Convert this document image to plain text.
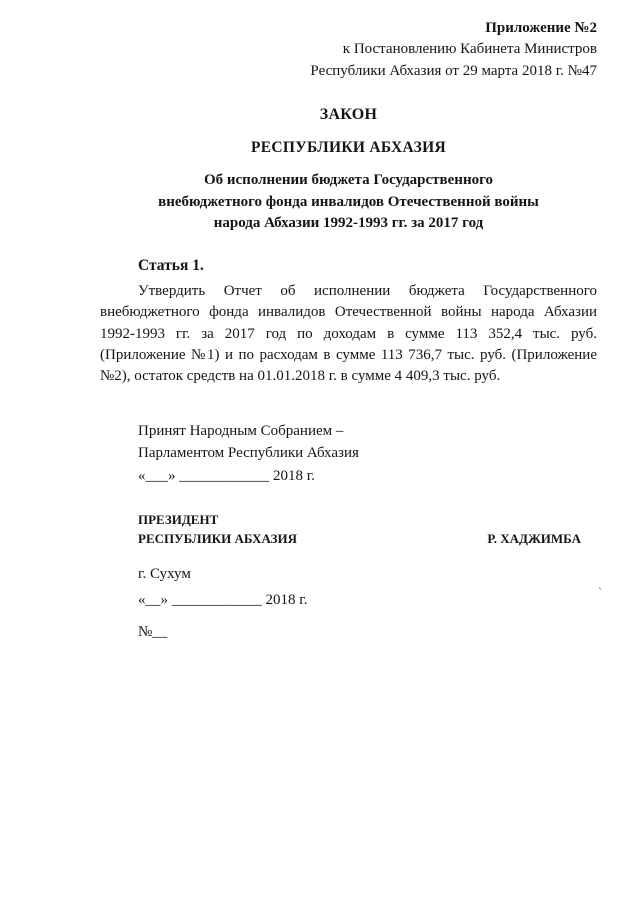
Приложение №2
к Постановлению Кабинета Министров
Республики Абхазия от 29 марта 2018 г. №47
ЗАКОН
РЕСПУБЛИКИ АБХАЗИЯ
Об исполнении бюджета Государственного внебюджетного фонда инвалидов Отечественной войны народа Абхазии 1992-1993 гг. за 2017 год
Статья 1.

Утвердить Отчет об исполнении бюджета Государственного внебюджетного фонда инвалидов Отечественной войны народа Абхазии 1992-1993 гг. за 2017 год по доходам в сумме 113 352,4 тыс. руб. (Приложение №1) и по расходам в сумме 113 736,7 тыс. руб. (Приложение №2), остаток средств на 01.01.2018 г. в сумме 4 409,3 тыс. руб.

Принят Народным Собранием –
Парламентом Республики Абхазия
«___» ____________ 2018 г.
ПРЕЗИДЕНТ
РЕСПУБЛИКИ АБХАЗИЯ	Р. ХАДЖИМБА
г. Сухум
«__» ____________ 2018 г.
№__
`
